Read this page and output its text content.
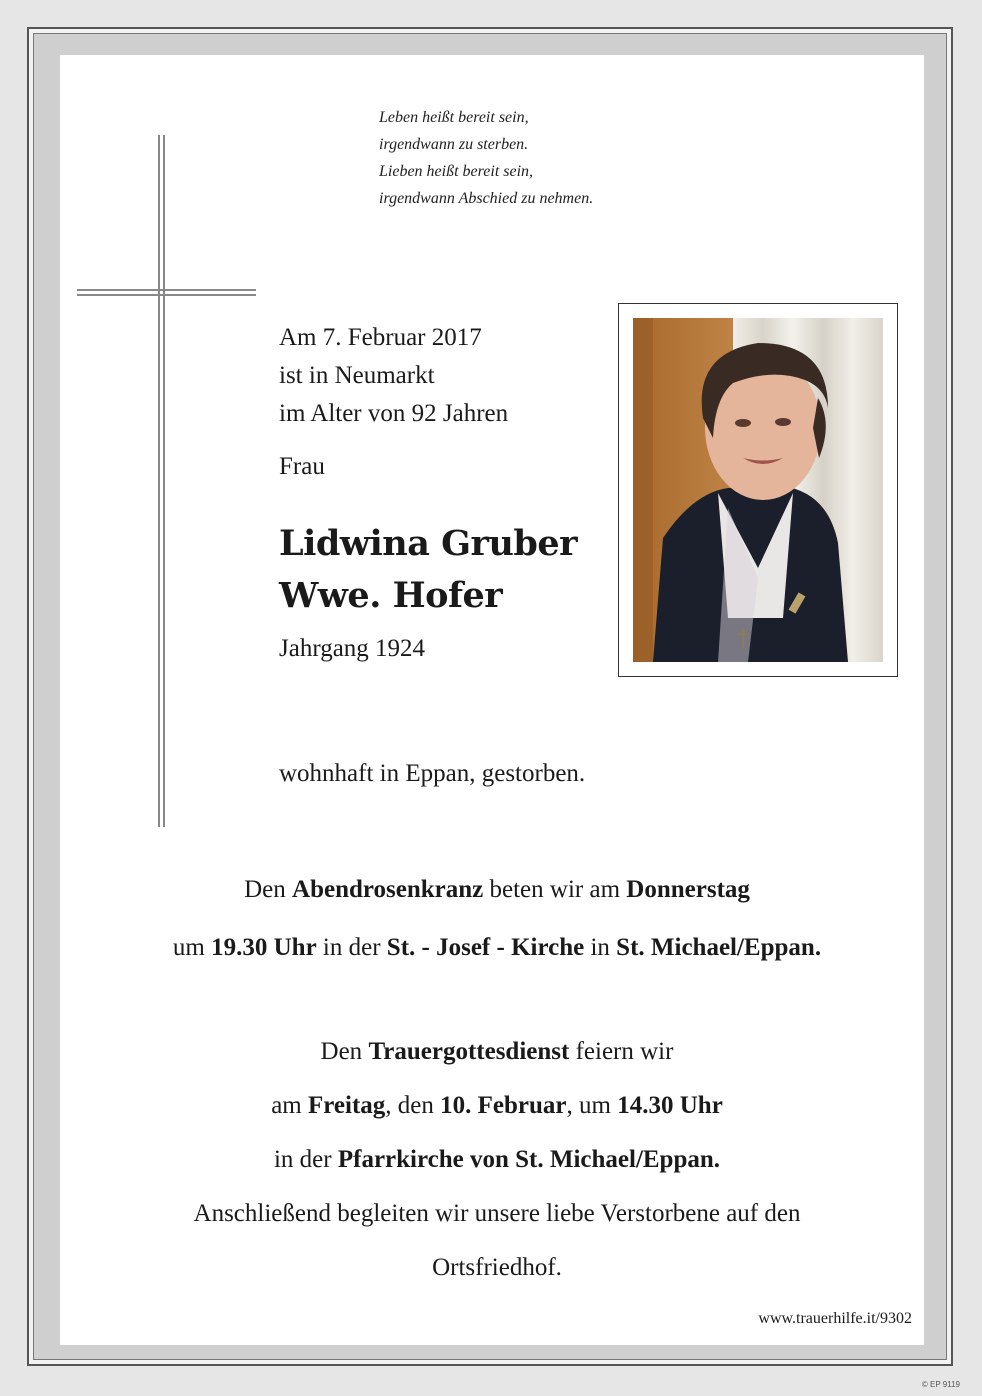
Leben heißt bereit sein,
irgendwann zu sterben.
Lieben heißt bereit sein,
irgendwann Abschied zu nehmen.
Am 7. Februar 2017
ist in Neumarkt
im Alter von 92 Jahren
Frau
Lidwina Gruber
Wwe. Hofer
Jahrgang 1924
wohnhaft in Eppan, gestorben.
Den Abendrosenkranz beten wir am Donnerstag
um 19.30 Uhr in der St. - Josef - Kirche in St. Michael/Eppan.
Den Trauergottesdienst feiern wir
am Freitag, den 10. Februar, um 14.30 Uhr
in der Pfarrkirche von St. Michael/Eppan.
Anschließend begleiten wir unsere liebe Verstorbene auf den
Ortsfriedhof.
www.trauerhilfe.it/9302
© EP 9119
